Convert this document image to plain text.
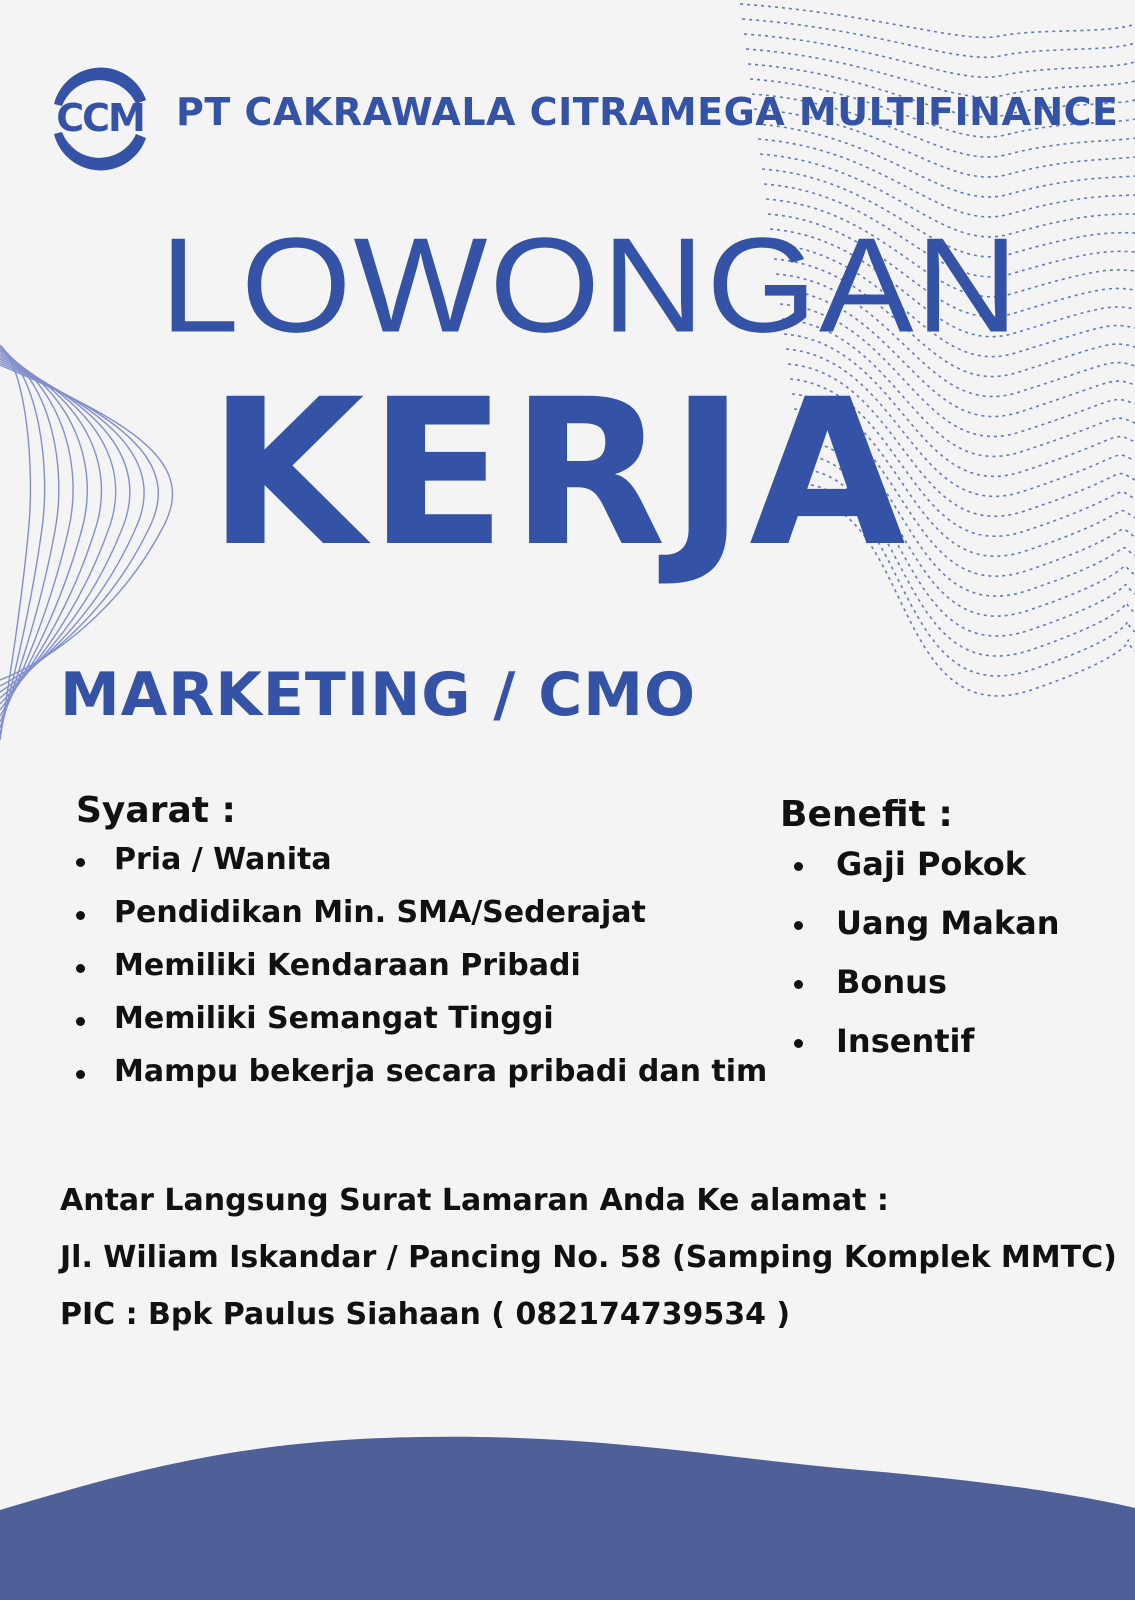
CCM PT CAKRAWALA CITRAMEGA MULTIFINANCE
LOWONGAN
KERJA
MARKETING / CMO
Syarat :
Pria / Wanita
Pendidikan Min. SMA/Sederajat
Memiliki Kendaraan Pribadi
Memiliki Semangat Tinggi
Mampu bekerja secara pribadi dan tim
Benefit :
Gaji Pokok
Uang Makan
Bonus
Insentif
Antar Langsung Surat Lamaran Anda Ke alamat :
Jl. Wiliam Iskandar / Pancing No. 58 (Samping Komplek MMTC)
PIC : Bpk Paulus Siahaan ( 082174739534 )
